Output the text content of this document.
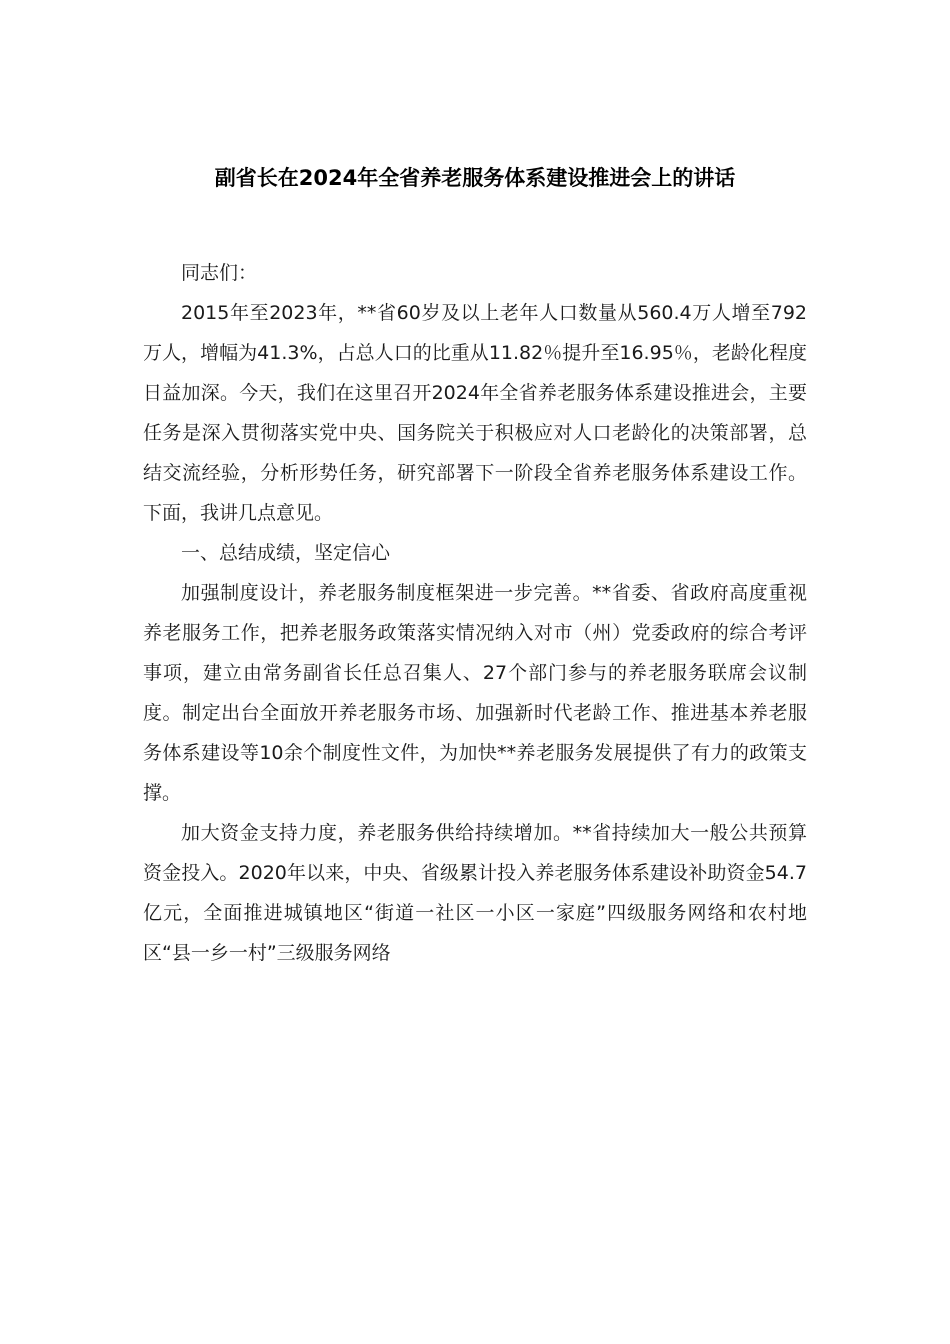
副省长在2024年全省养老服务体系建设推进会上的讲话

同志们：

2015年至2023年，**省60岁及以上老年人口数量从560.4万人增至792万人，增幅为41.3%，占总人口的比重从11.82％提升至16.95％，老龄化程度日益加深。今天，我们在这里召开2024年全省养老服务体系建设推进会，主要任务是深入贯彻落实党中央、国务院关于积极应对人口老龄化的决策部署，总结交流经验，分析形势任务，研究部署下一阶段全省养老服务体系建设工作。下面，我讲几点意见。

一、总结成绩，坚定信心

加强制度设计，养老服务制度框架进一步完善。**省委、省政府高度重视养老服务工作，把养老服务政策落实情况纳入对市（州）党委政府的综合考评事项，建立由常务副省长任总召集人、27个部门参与的养老服务联席会议制度。制定出台全面放开养老服务市场、加强新时代老龄工作、推进基本养老服务体系建设等10余个制度性文件，为加快**养老服务发展提供了有力的政策支撑。

加大资金支持力度，养老服务供给持续增加。**省持续加大一般公共预算资金投入。2020年以来，中央、省级累计投入养老服务体系建设补助资金54.7亿元，全面推进城镇地区“街道一社区一小区一家庭”四级服务网络和农村地区“县一乡一村”三级服务网络
